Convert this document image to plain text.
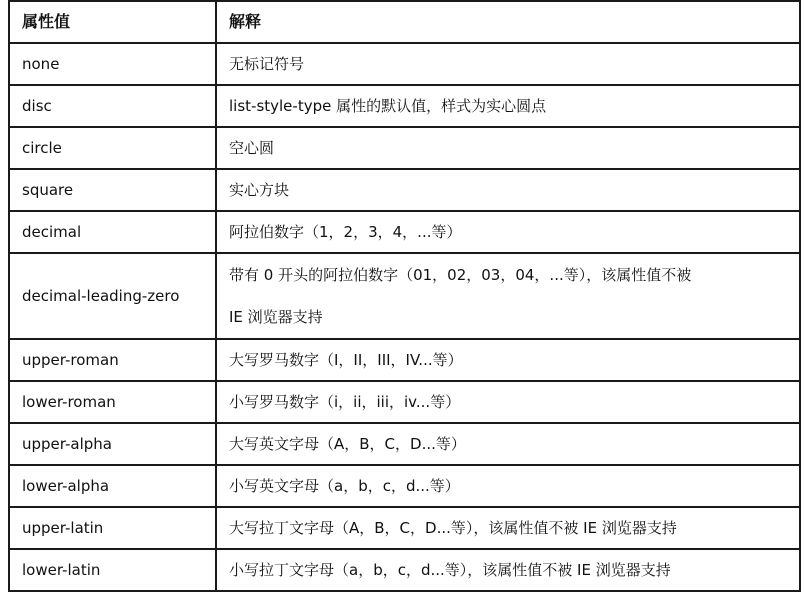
属性值	解释
none	无标记符号
disc	list-style-type 属性的默认值，样式为实心圆点
circle	空心圆
square	实心方块
decimal	阿拉伯数字（1，2，3，4，...等）
decimal-leading-zero	带有 0 开头的阿拉伯数字（01，02，03，04，...等），该属性值不被
IE 浏览器支持

upper-roman	大写罗马数字（I，II，III，IV...等）
lower-roman	小写罗马数字（i，ii，iii，iv...等）
upper-alpha	大写英文字母（A，B，C，D...等）
lower-alpha	小写英文字母（a，b，c，d...等）
upper-latin	大写拉丁文字母（A，B，C，D...等），该属性值不被 IE 浏览器支持
lower-latin	小写拉丁文字母（a，b，c，d...等），该属性值不被 IE 浏览器支持
